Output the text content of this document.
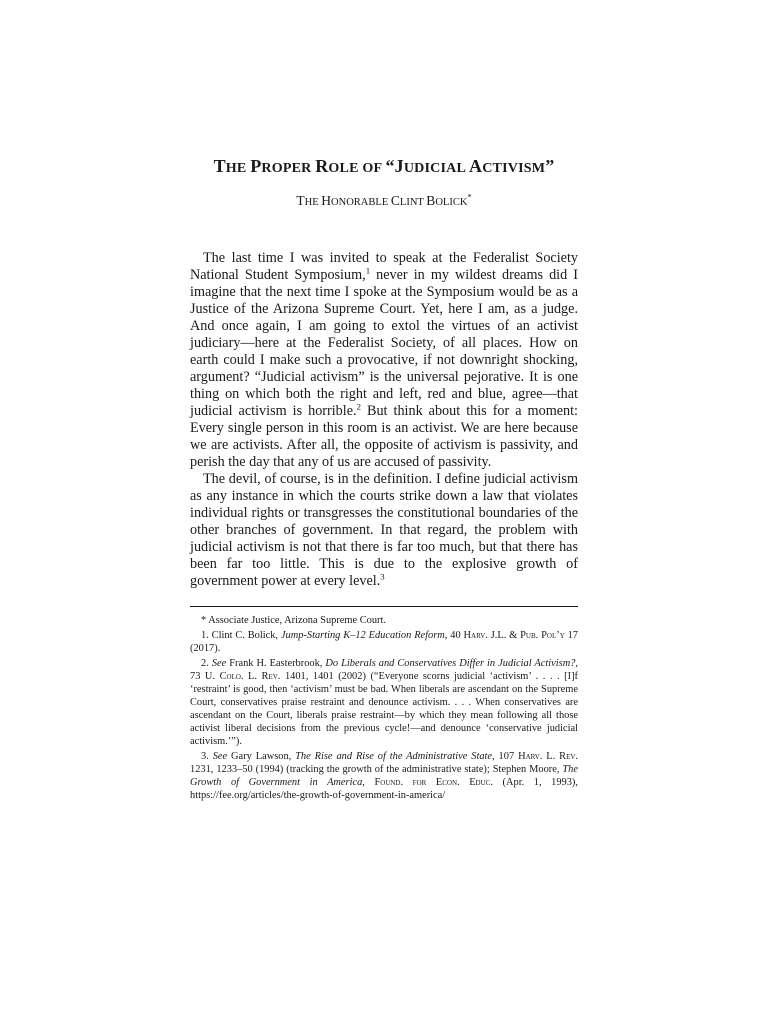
THE PROPER ROLE OF “JUDICIAL ACTIVISM”
THE HONORABLE CLINT BOLICK*

The last time I was invited to speak at the Federalist Society National Student Symposium,$^1$ never in my wildest dreams did I imagine that the next time I spoke at the Symposium would be as a Justice of the Arizona Supreme Court. Yet, here I am, as a judge. And once again, I am going to extol the virtues of an activist judiciary—here at the Federalist Society, of all places. How on earth could I make such a provocative, if not downright shocking, argument? “Judicial activism” is the universal pejorative. It is one thing on which both the right and left, red and blue, agree—that judicial activism is horrible.$^2$ But think about this for a moment: Every single person in this room is an activist. We are here because we are activists. After all, the opposite of activism is passivity, and perish the day that any of us are accused of passivity.

The devil, of course, is in the definition. I define judicial activism as any instance in which the courts strike down a law that violates individual rights or transgresses the constitutional boundaries of the other branches of government. In that regard, the problem with judicial activism is not that there is far too much, but that there has been far too little. This is due to the explosive growth of government power at every level.$^3$

* Associate Justice, Arizona Supreme Court.

1. Clint C. Bolick, Jump-Starting K–12 Education Reform, 40 Harv. J.L. & Pub. Pol’y 17 (2017).

2. See Frank H. Easterbrook, Do Liberals and Conservatives Differ in Judicial Activism?, 73 U. Colo. L. Rev. 1401, 1401 (2002) (“Everyone scorns judicial ‘activism’ . . . . [I]f ‘restraint’ is good, then ‘activism’ must be bad. When liberals are ascendant on the Supreme Court, conservatives praise restraint and denounce activism. . . . When conservatives are ascendant on the Court, liberals praise restraint—by which they mean following all those activist liberal decisions from the previous cycle!—and denounce ‘conservative judicial activism.’”).

3. See Gary Lawson, The Rise and Rise of the Administrative State, 107 Harv. L. Rev. 1231, 1233–50 (1994) (tracking the growth of the administrative state); Stephen Moore, The Growth of Government in America, Found. for Econ. Educ. (Apr. 1, 1993), https://fee.org/articles/the-growth-of-government-in-america/
